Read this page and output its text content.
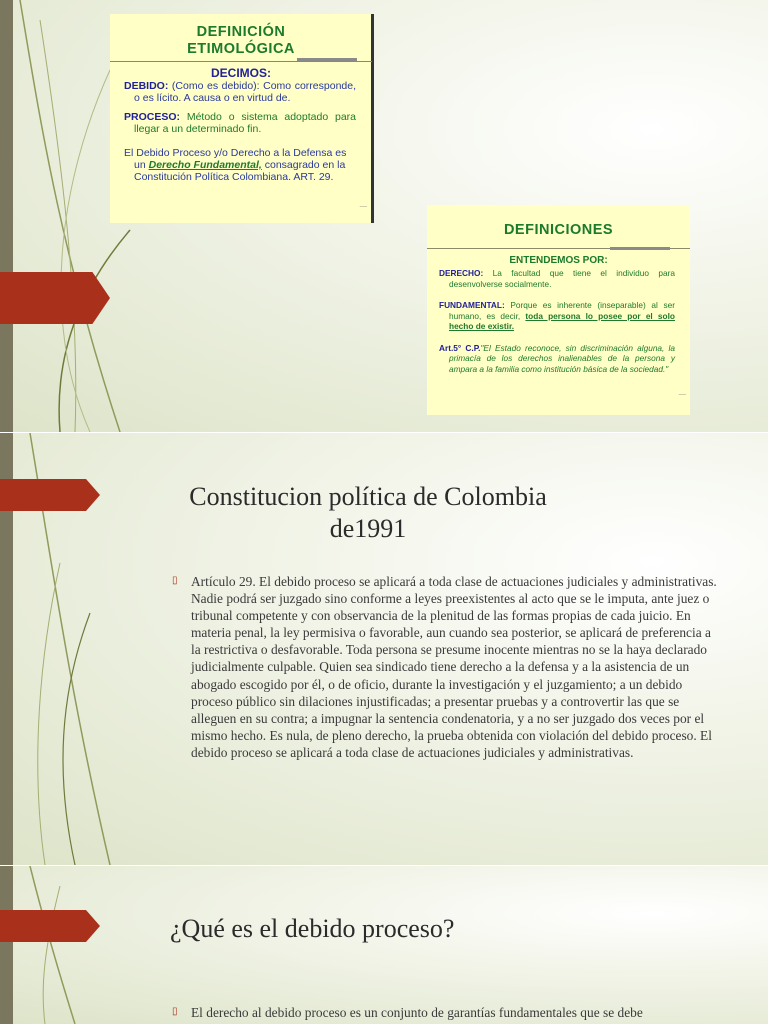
DEFINICIÓN
ETIMOLÓGICA
DECIMOS:

DEBIDO: (Como es debido): Como corresponde, o es lícito. A causa o en virtud de.

PROCESO: Método o sistema adoptado para llegar a un determinado fin.

El Debido Proceso y/o Derecho a la Defensa es un Derecho Fundamental, consagrado en la Constitución Política Colombiana. ART. 29.

━━━
DEFINICIONES
ENTENDEMOS POR:

DERECHO: La facultad que tiene el individuo para desenvolverse socialmente.

FUNDAMENTAL: Porque es inherente (inseparable) al ser humano, es decir, toda persona lo posee por el solo hecho de existir.

Art.5° C.P."El Estado reconoce, sin discriminación alguna, la primacía de los derechos inalienables de la persona y ampara a la familia como institución básica de la sociedad."

━━━
Constitucion política de Colombia de1991
▯ Artículo 29. El debido proceso se aplicará a toda clase de actuaciones judiciales y administrativas. Nadie podrá ser juzgado sino conforme a leyes preexistentes al acto que se le imputa, ante juez o tribunal competente y con observancia de la plenitud de las formas propias de cada juicio. En materia penal, la ley permisiva o favorable, aun cuando sea posterior, se aplicará de preferencia a la restrictiva o desfavorable. Toda persona se presume inocente mientras no se la haya declarado judicialmente culpable. Quien sea sindicado tiene derecho a la defensa y a la asistencia de un abogado escogido por él, o de oficio, durante la investigación y el juzgamiento; a un debido proceso público sin dilaciones injustificadas; a presentar pruebas y a controvertir las que se alleguen en su contra; a impugnar la sentencia condenatoria, y a no ser juzgado dos veces por el mismo hecho. Es nula, de pleno derecho, la prueba obtenida con violación del debido proceso. El debido proceso se aplicará a toda clase de actuaciones judiciales y administrativas.
¿Qué es el debido proceso?
▯ El derecho al debido proceso es un conjunto de garantías fundamentales que se debe
